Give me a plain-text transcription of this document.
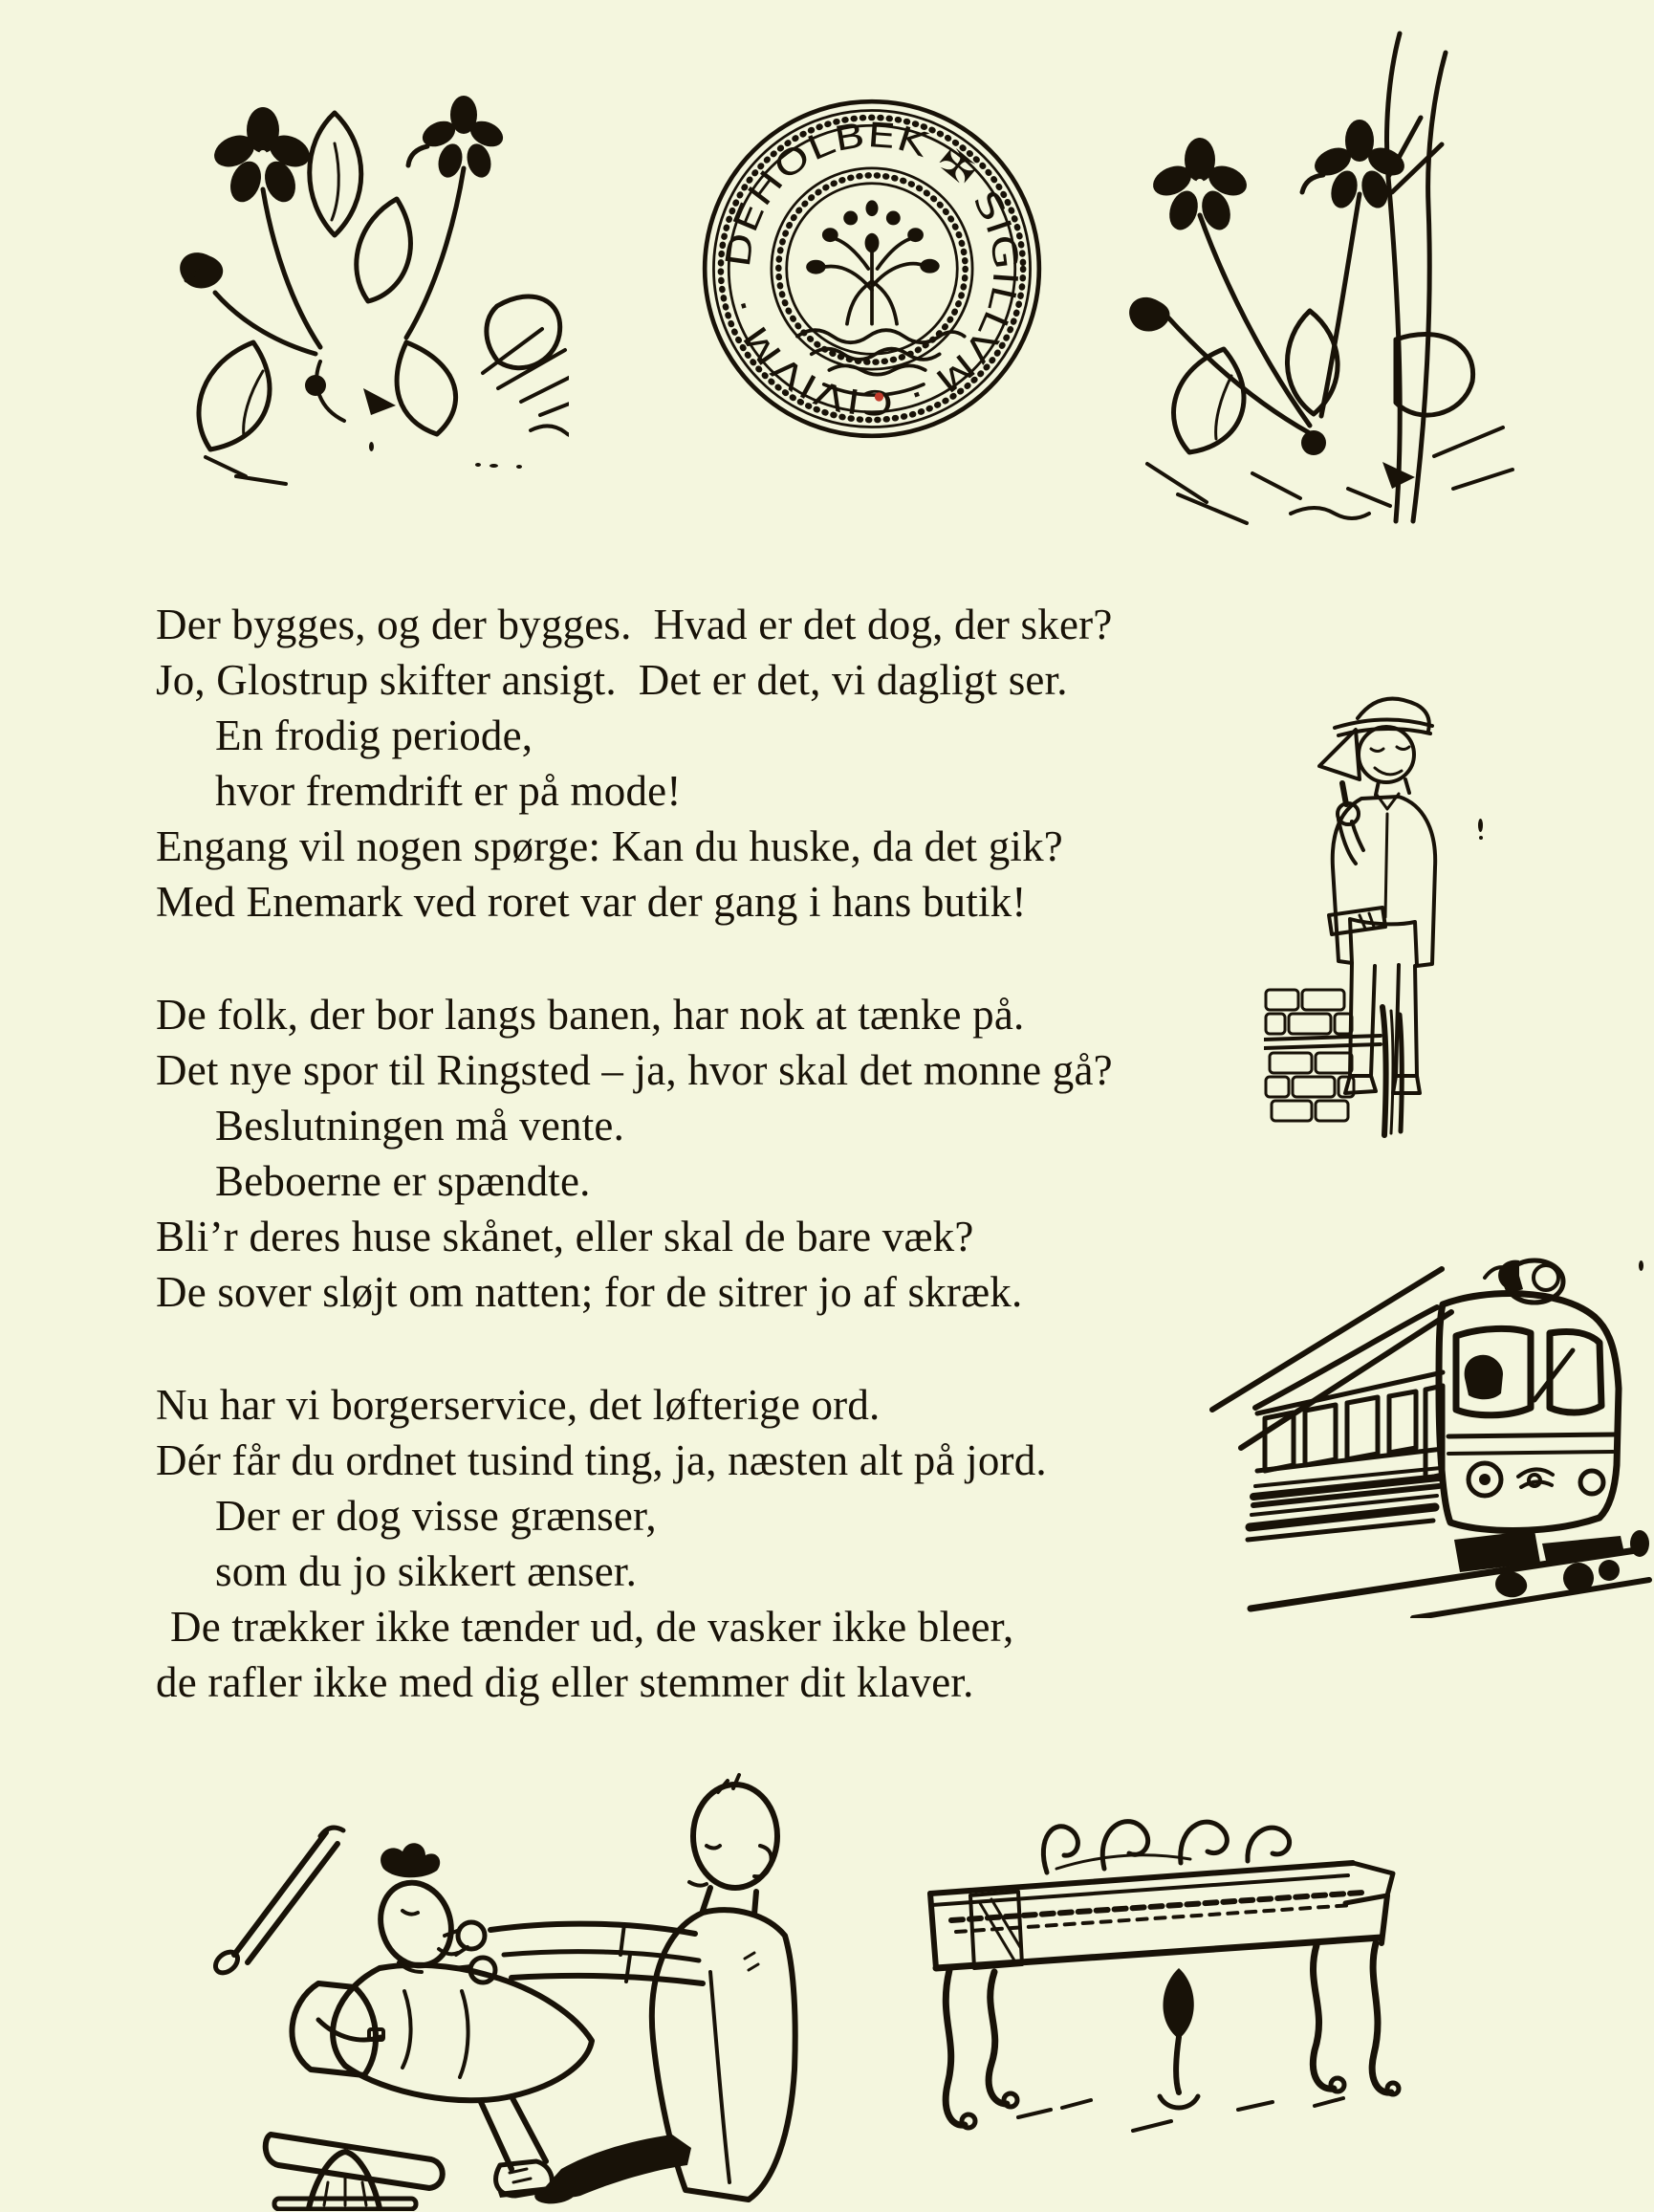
DEHOLBEK ✠ SIGILLVM · CIVIVM ·
Der bygges, og der bygges.  Hvad er det dog, der sker?
Jo, Glostrup skifter ansigt.  Det er det, vi dagligt ser.
En frodig periode,
hvor fremdrift er på mode!
Engang vil nogen spørge: Kan du huske, da det gik?
Med Enemark ved roret var der gang i hans butik!
De folk, der bor langs banen, har nok at tænke på.
Det nye spor til Ringsted – ja, hvor skal det monne gå?
Beslutningen må vente.
Beboerne er spændte.
Bli’r deres huse skånet, eller skal de bare væk?
De sover sløjt om natten; for de sitrer jo af skræk.
Nu har vi borgerservice, det løfterige ord.
Dér får du ordnet tusind ting, ja, næsten alt på jord.
Der er dog visse grænser,
som du jo sikkert ænser.
De trækker ikke tænder ud, de vasker ikke bleer,
de rafler ikke med dig eller stemmer dit klaver.
